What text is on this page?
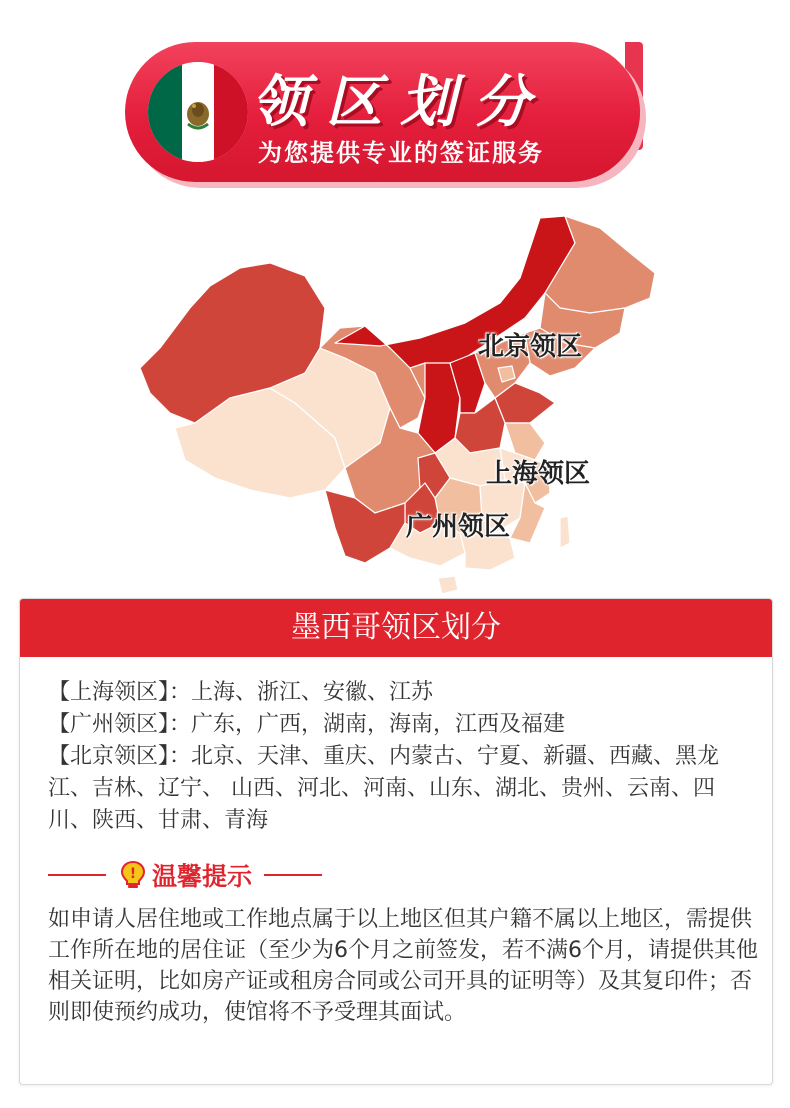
领区划分
为您提供专业的签证服务
北京领区
上海领区
广州领区
墨西哥领区划分
【上海领区】：上海、浙江、安徽、江苏
【广州领区】：广东，广西，湖南，海南，江西及福建
【北京领区】：北京、天津、重庆、内蒙古、宁夏、新疆、西藏、黑龙江、吉林、辽宁、 山西、河北、河南、山东、湖北、贵州、云南、四川、陕西、甘肃、青海
! 温馨提示
如申请人居住地或工作地点属于以上地区但其户籍不属以上地区，需提供工作所在地的居住证（至少为6个月之前签发，若不满6个月，请提供其他相关证明，比如房产证或租房合同或公司开具的证明等）及其复印件；否则即使预约成功，使馆将不予受理其面试。
